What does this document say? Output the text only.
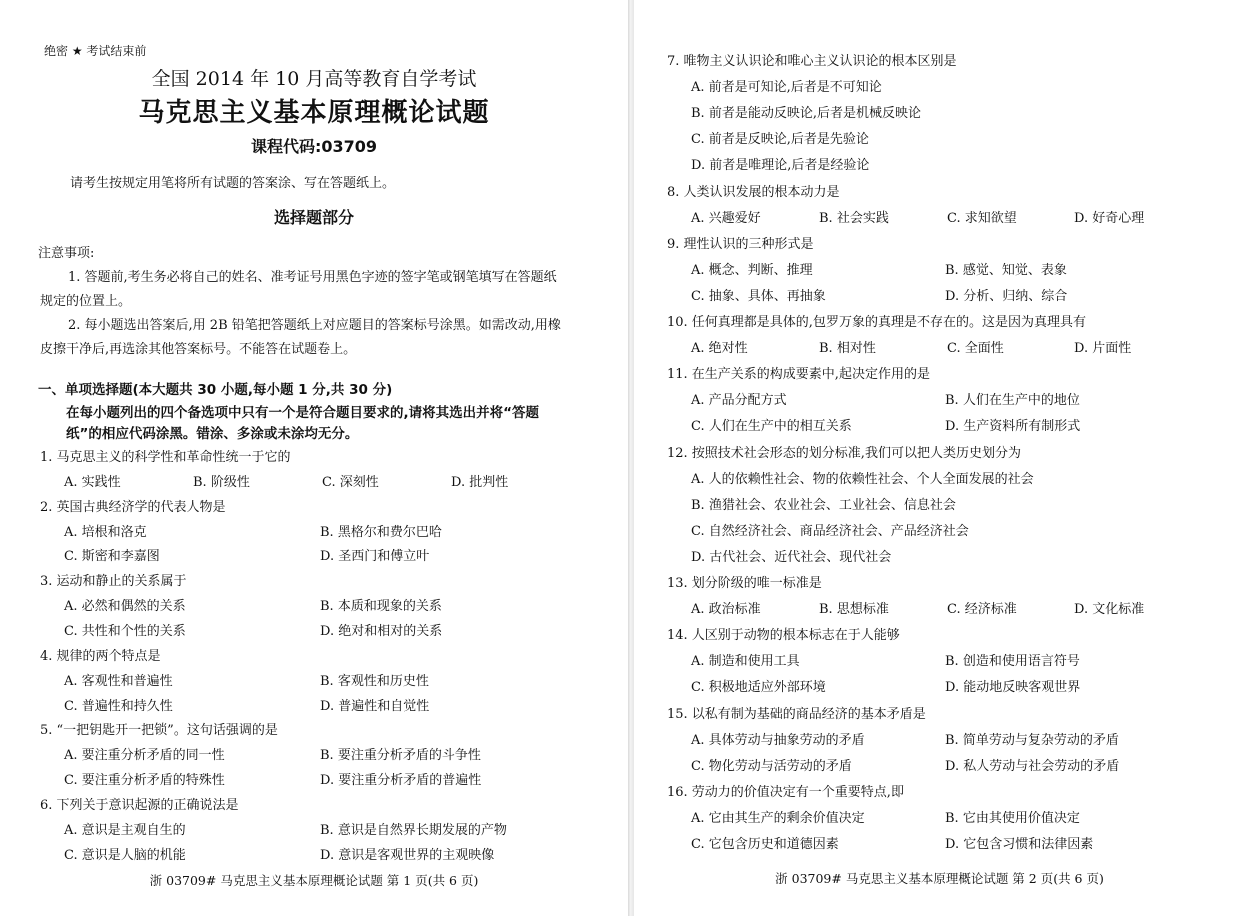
绝密 ★ 考试结束前
全国 2014 年 10 月高等教育自学考试
马克思主义基本原理概论试题
课程代码:03709
请考生按规定用笔将所有试题的答案涂、写在答题纸上。
选择题部分
注意事项:
1. 答题前,考生务必将自己的姓名、准考证号用黑色字迹的签字笔或钢笔填写在答题纸
规定的位置上。
2. 每小题选出答案后,用 2B 铅笔把答题纸上对应题目的答案标号涂黑。如需改动,用橡
皮擦干净后,再选涂其他答案标号。不能答在试题卷上。
一、单项选择题(本大题共 30 小题,每小题 1 分,共 30 分)
在每小题列出的四个备选项中只有一个是符合题目要求的,请将其选出并将“答题
纸”的相应代码涂黑。错涂、多涂或未涂均无分。
1. 马克思主义的科学性和革命性统一于它的
A. 实践性	B. 阶级性	C. 深刻性	D. 批判性
2. 英国古典经济学的代表人物是
A. 培根和洛克	B. 黑格尔和费尔巴哈
C. 斯密和李嘉图	D. 圣西门和傅立叶
3. 运动和静止的关系属于
A. 必然和偶然的关系	B. 本质和现象的关系
C. 共性和个性的关系	D. 绝对和相对的关系
4. 规律的两个特点是
A. 客观性和普遍性	B. 客观性和历史性
C. 普遍性和持久性	D. 普遍性和自觉性
5. “一把钥匙开一把锁”。这句话强调的是
A. 要注重分析矛盾的同一性	B. 要注重分析矛盾的斗争性
C. 要注重分析矛盾的特殊性	D. 要注重分析矛盾的普遍性
6. 下列关于意识起源的正确说法是
A. 意识是主观自生的	B. 意识是自然界长期发展的产物
C. 意识是人脑的机能	D. 意识是客观世界的主观映像
浙 03709# 马克思主义基本原理概论试题 第 1 页(共 6 页)
7. 唯物主义认识论和唯心主义认识论的根本区别是
A. 前者是可知论,后者是不可知论
B. 前者是能动反映论,后者是机械反映论
C. 前者是反映论,后者是先验论
D. 前者是唯理论,后者是经验论
8. 人类认识发展的根本动力是
A. 兴趣爱好	B. 社会实践	C. 求知欲望	D. 好奇心理
9. 理性认识的三种形式是
A. 概念、判断、推理	B. 感觉、知觉、表象
C. 抽象、具体、再抽象	D. 分析、归纳、综合
10. 任何真理都是具体的,包罗万象的真理是不存在的。这是因为真理具有
A. 绝对性	B. 相对性	C. 全面性	D. 片面性
11. 在生产关系的构成要素中,起决定作用的是
A. 产品分配方式	B. 人们在生产中的地位
C. 人们在生产中的相互关系	D. 生产资料所有制形式
12. 按照技术社会形态的划分标准,我们可以把人类历史划分为
A. 人的依赖性社会、物的依赖性社会、个人全面发展的社会
B. 渔猎社会、农业社会、工业社会、信息社会
C. 自然经济社会、商品经济社会、产品经济社会
D. 古代社会、近代社会、现代社会
13. 划分阶级的唯一标准是
A. 政治标准	B. 思想标准	C. 经济标准	D. 文化标准
14. 人区别于动物的根本标志在于人能够
A. 制造和使用工具	B. 创造和使用语言符号
C. 积极地适应外部环境	D. 能动地反映客观世界
15. 以私有制为基础的商品经济的基本矛盾是
A. 具体劳动与抽象劳动的矛盾	B. 简单劳动与复杂劳动的矛盾
C. 物化劳动与活劳动的矛盾	D. 私人劳动与社会劳动的矛盾
16. 劳动力的价值决定有一个重要特点,即
A. 它由其生产的剩余价值决定	B. 它由其使用价值决定
C. 它包含历史和道德因素	D. 它包含习惯和法律因素
浙 03709# 马克思主义基本原理概论试题 第 2 页(共 6 页)
